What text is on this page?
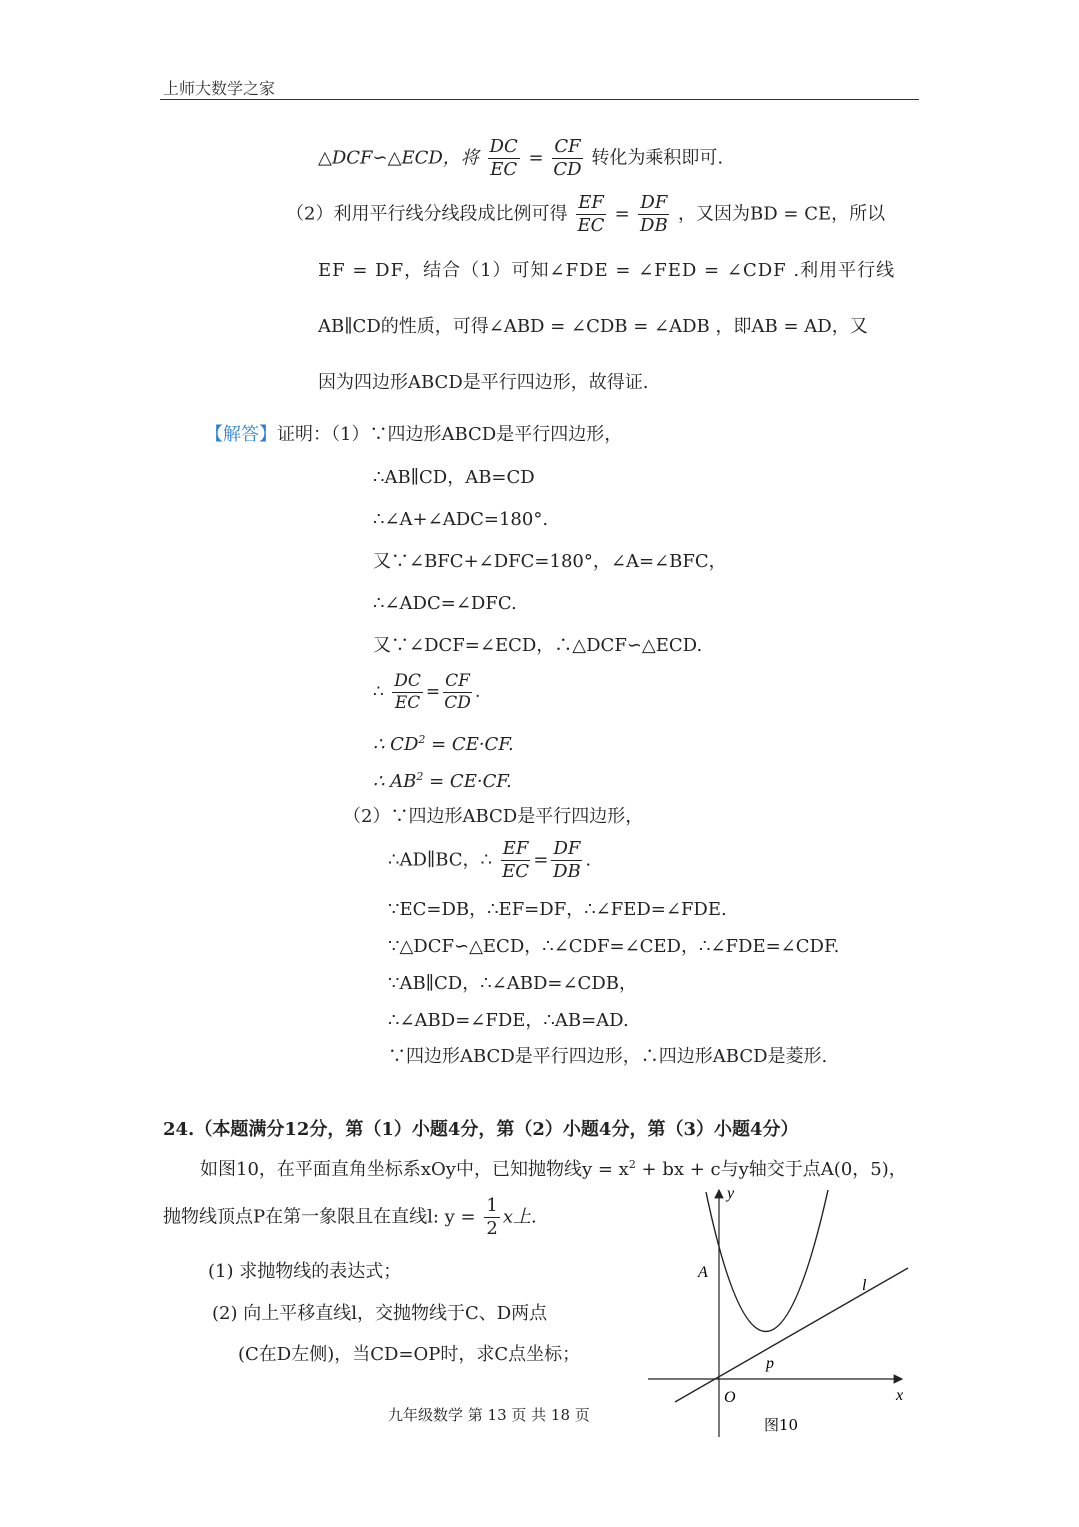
上师大数学之家
△DCF∽△ECD，将 $\frac{DC}{EC} = \frac{CF}{CD}$ 转化为乘积即可.
（2）利用平行线分线段成比例可得 $\frac{EF}{EC} = \frac{DF}{DB}$ ，又因为BD = CE，所以
EF = DF，结合（1）可知∠FDE = ∠FED = ∠CDF .利用平行线
AB∥CD的性质，可得∠ABD = ∠CDB = ∠ADB ，即AB = AD，又
因为四边形ABCD是平行四边形，故得证.
【解答】证明：（1）∵四边形ABCD是平行四边形，
∴AB∥CD，AB=CD
∴∠A+∠ADC=180°.
又∵∠BFC+∠DFC=180°，∠A=∠BFC，
∴∠ADC=∠DFC.
又∵∠DCF=∠ECD，∴△DCF∽△ECD.
∴ $\frac{DC}{EC} = \frac{CF}{CD}$ .
∴ $CD^2 = CE\cdot CF$.
∴ $AB^2 = CE\cdot CF$.
（2）∵四边形ABCD是平行四边形，
∴AD∥BC，∴ $\frac{EF}{EC} = \frac{DF}{DB}$ .
∵EC=DB，∴EF=DF，∴∠FED=∠FDE.
∵△DCF∽△ECD，∴∠CDF=∠CED，∴∠FDE=∠CDF.
∵AB∥CD，∴∠ABD=∠CDB，
∴∠ABD=∠FDE，∴AB=AD.
∵四边形ABCD是平行四边形，∴四边形ABCD是菱形.
24.（本题满分12分，第（1）小题4分，第（2）小题4分，第（3）小题4分）
如图10，在平面直角坐标系xOy中，已知抛物线$y = x^2$ + bx + c与y轴交于点A(0，5)，
抛物线顶点P在第一象限且在直线l: $y = \frac{1}{2}$ x上.
(1) 求抛物线的表达式；
(2) 向上平移直线l，交抛物线于C、D两点
(C在D左侧)，当CD=OP时，求C点坐标；
九年级数学 第 13 页 共 18 页
y
x
O
A
p
l
图10
